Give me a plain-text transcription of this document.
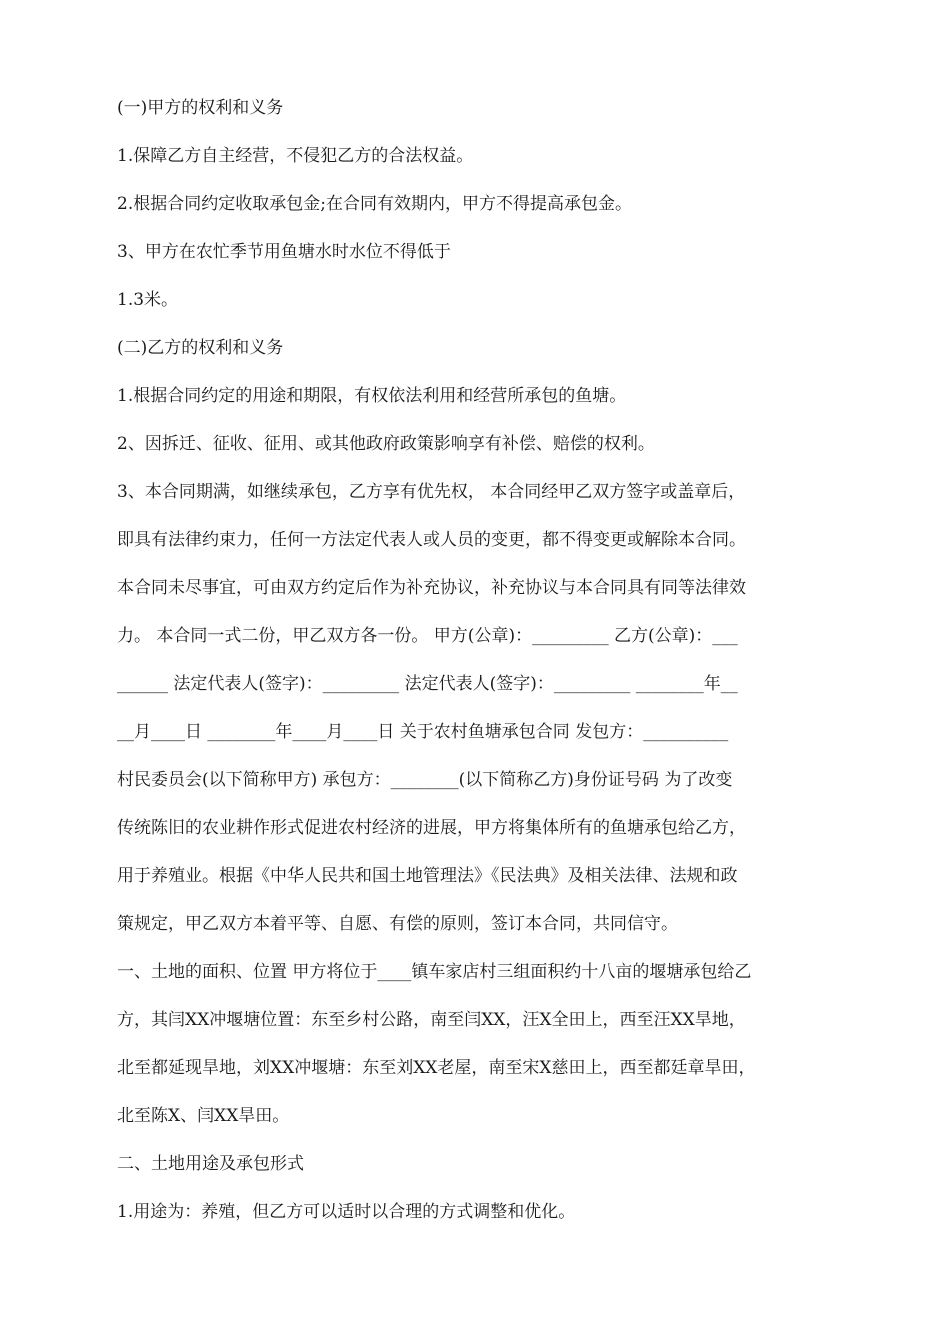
(一)甲方的权利和义务

1.保障乙方自主经营，不侵犯乙方的合法权益。

2.根据合同约定收取承包金;在合同有效期内，甲方不得提高承包金。

3、甲方在农忙季节用鱼塘水时水位不得低于

1.3米。

(二)乙方的权利和义务

1.根据合同约定的用途和期限，有权依法利用和经营所承包的鱼塘。

2、因拆迁、征收、征用、或其他政府政策影响享有补偿、赔偿的权利。

3、本合同期满，如继续承包，乙方享有优先权， 本合同经甲乙双方签字或盖章后，
即具有法律约束力，任何一方法定代表人或人员的变更，都不得变更或解除本合同。
本合同未尽事宜，可由双方约定后作为补充协议，补充协议与本合同具有同等法律效
力。 本合同一式二份，甲乙双方各一份。 甲方(公章)：_________ 乙方(公章)：___
______ 法定代表人(签字)：_________ 法定代表人(签字)：_________ ________年__
__月____日 ________年____月____日 关于农村鱼塘承包合同 发包方：__________
村民委员会(以下简称甲方) 承包方：________(以下简称乙方)身份证号码 为了改变
传统陈旧的农业耕作形式促进农村经济的进展，甲方将集体所有的鱼塘承包给乙方，
用于养殖业。根据《中华人民共和国土地管理法》《民法典》及相关法律、法规和政
策规定，甲乙双方本着平等、自愿、有偿的原则，签订本合同，共同信守。
一、土地的面积、位置 甲方将位于____镇车家店村三组面积约十八亩的堰塘承包给乙
方，其闫XX冲堰塘位置：东至乡村公路，南至闫XX，汪X全田上，西至汪XX旱地，
北至都延现旱地，刘XX冲堰塘：东至刘XX老屋，南至宋X慈田上，西至都廷章旱田，
北至陈X、闫XX旱田。

二、土地用途及承包形式

1.用途为：养殖，但乙方可以适时以合理的方式调整和优化。
